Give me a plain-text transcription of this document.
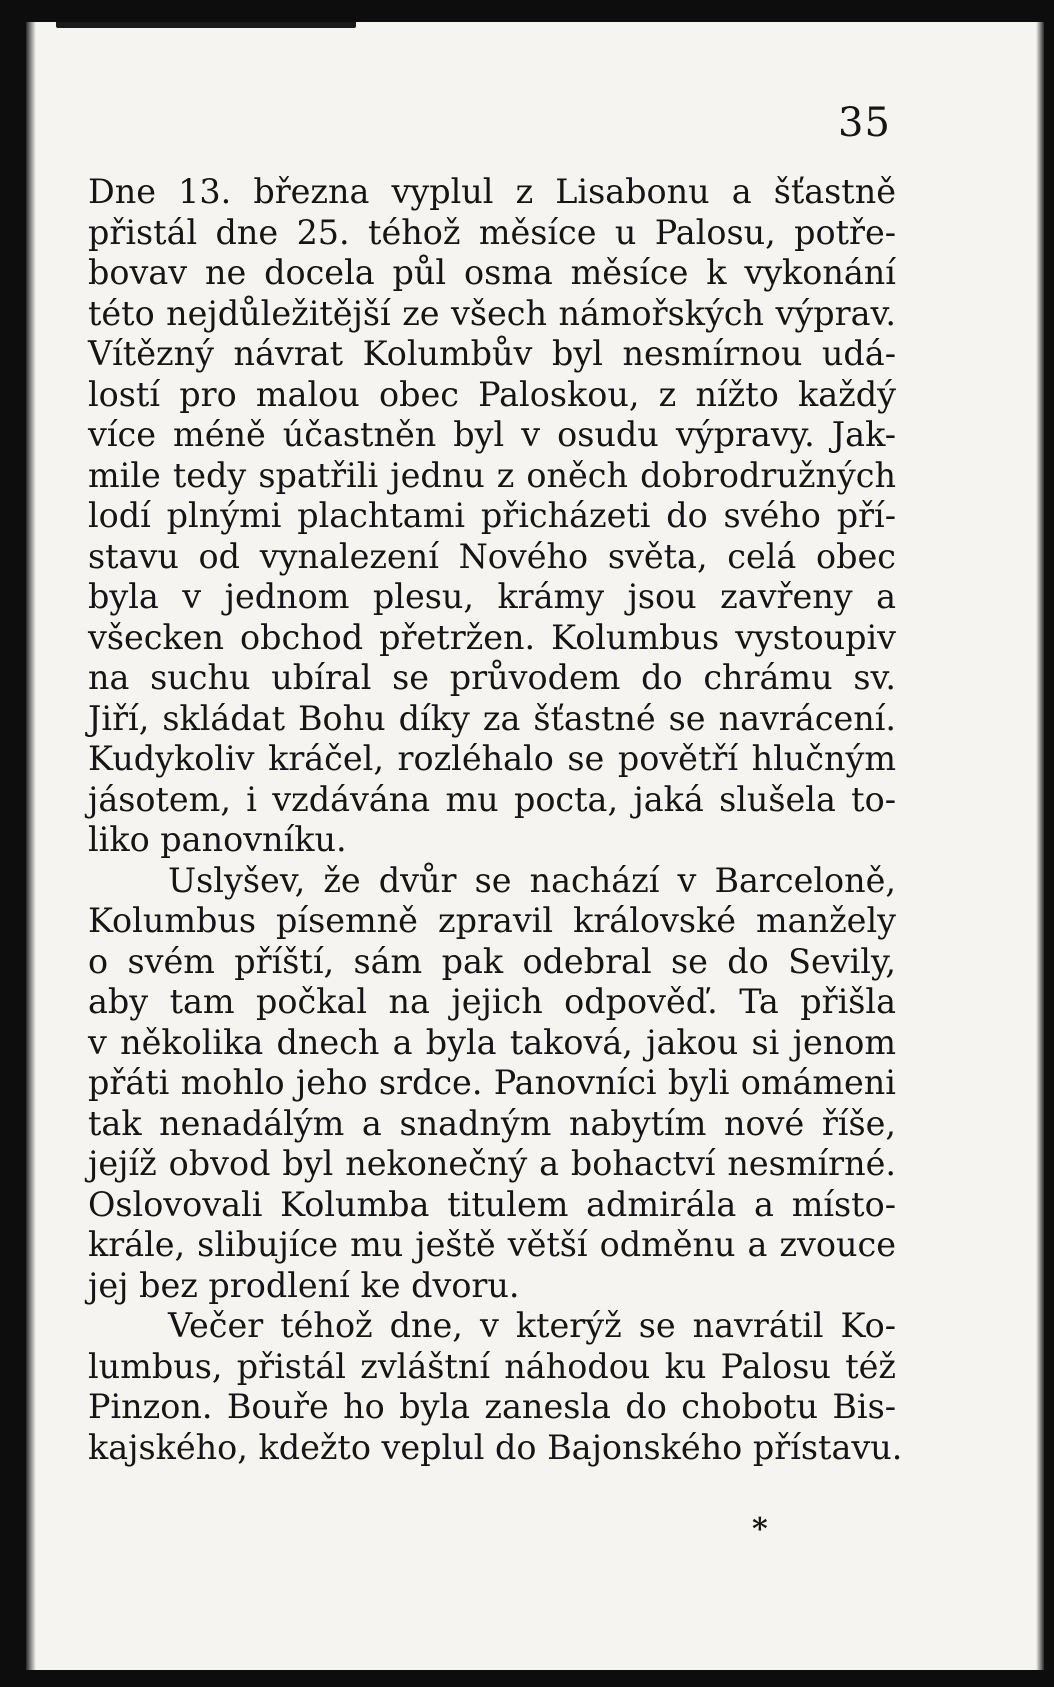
35
Dne 13. března vyplul z Lisabonu a šťastně
přistál dne 25. téhož měsíce u Palosu, potře-
bovav ne docela půl osma měsíce k vykonání
této nejdůležitější ze všech námořských výprav.
Vítězný návrat Kolumbův byl nesmírnou udá-
lostí pro malou obec Paloskou, z nížto každý
více méně účastněn byl v osudu výpravy. Jak-
mile tedy spatřili jednu z oněch dobrodružných
lodí plnými plachtami přicházeti do svého pří-
stavu od vynalezení Nového světa, celá obec
byla v jednom plesu, krámy jsou zavřeny a
všecken obchod přetržen. Kolumbus vystoupiv
na suchu ubíral se průvodem do chrámu sv.
Jiří, skládat Bohu díky za šťastné se navrácení.
Kudykoliv kráčel, rozléhalo se povětří hlučným
jásotem, i vzdávána mu pocta, jaká slušela to-
liko panovníku.
Uslyšev, že dvůr se nachází v Barceloně,
Kolumbus písemně zpravil královské manžely
o svém příští, sám pak odebral se do Sevily,
aby tam počkal na jejich odpověď. Ta přišla
v několika dnech a byla taková, jakou si jenom
přáti mohlo jeho srdce. Panovníci byli omámeni
tak nenadálým a snadným nabytím nové říše,
jejíž obvod byl nekonečný a bohactví nesmírné.
Oslovovali Kolumba titulem admirála a místo-
krále, slibujíce mu ještě větší odměnu a zvouce
jej bez prodlení ke dvoru.
Večer téhož dne, v kterýž se navrátil Ko-
lumbus, přistál zvláštní náhodou ku Palosu též
Pinzon. Bouře ho byla zanesla do chobotu Bis-
kajského, kdežto veplul do Bajonského přístavu.
*
